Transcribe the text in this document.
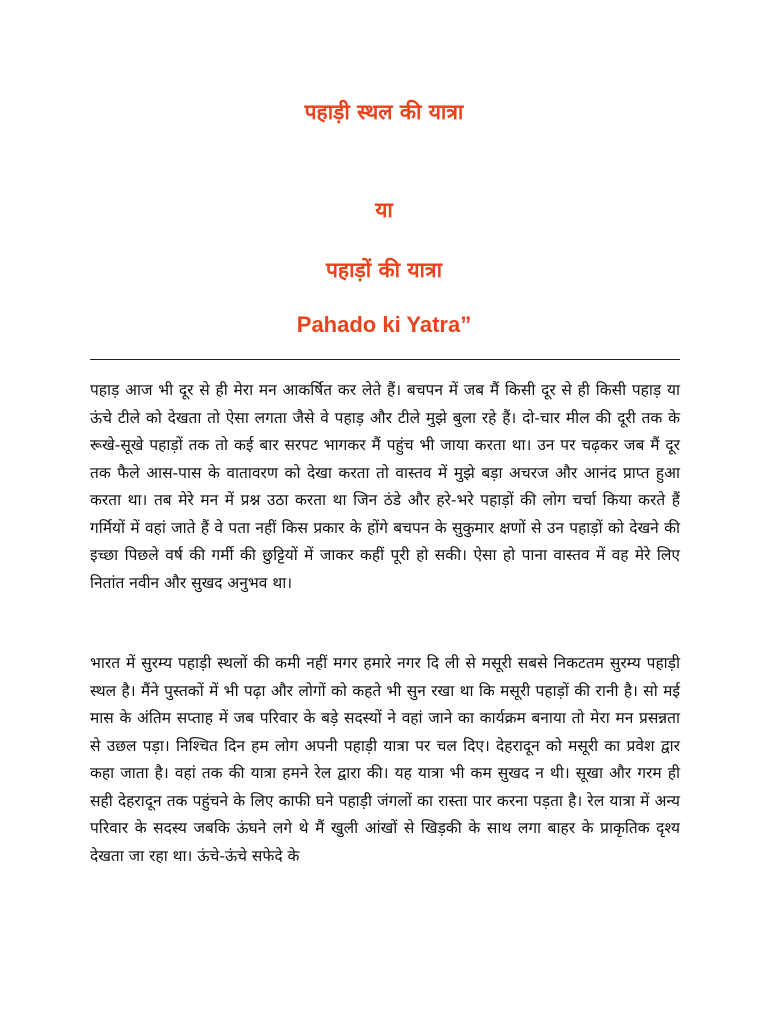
पहाड़ी स्थल की यात्रा
या
पहाड़ों की यात्रा
Pahado ki Yatra”

पहाड़ आज भी दूर से ही मेरा मन आकर्षित कर लेते हैं। बचपन में जब मैं किसी दूर से ही किसी पहाड़ या ऊंचे टीले को देखता तो ऐसा लगता जैसे वे पहाड़ और टीले मुझे बुला रहे हैं। दो-चार मील की दूरी तक के रूखे-सूखे पहाड़ों तक तो कई बार सरपट भागकर मैं पहुंच भी जाया करता था। उन पर चढ़कर जब मैं दूर तक फैले आस-पास के वातावरण को देखा करता तो वास्तव में मुझे बड़ा अचरज और आनंद प्राप्त हुआ करता था। तब मेरे मन में प्रश्न उठा करता था जिन ठंडे और हरे-भरे पहाड़ों की लोग चर्चा किया करते हैं गर्मियों में वहां जाते हैं वे पता नहीं किस प्रकार के होंगे बचपन के सुकुमार क्षणों से उन पहाड़ों को देखने की इच्छा पिछले वर्ष की गर्मी की छुट्टियों में जाकर कहीं पूरी हो सकी। ऐसा हो पाना वास्तव में वह मेरे लिए नितांत नवीन और सुखद अनुभव था।

भारत में सुरम्य पहाड़ी स्थलों की कमी नहीं मगर हमारे नगर दि ली से मसूरी सबसे निकटतम सुरम्य पहाड़ी स्थल है। मैंने पुस्तकों में भी पढ़ा और लोगों को कहते भी सुन रखा था कि मसूरी पहाड़ों की रानी है। सो मई मास के अंतिम सप्ताह में जब परिवार के बड़े सदस्यों ने वहां जाने का कार्यक्रम बनाया तो मेरा मन प्रसन्नता से उछल पड़ा। निश्चित दिन हम लोग अपनी पहाड़ी यात्रा पर चल दिए। देहरादून को मसूरी का प्रवेश द्वार कहा जाता है। वहां तक की यात्रा हमने रेल द्वारा की। यह यात्रा भी कम सुखद न थी। सूखा और गरम ही सही देहरादून तक पहुंचने के लिए काफी घने पहाड़ी जंगलों का रास्ता पार करना पड़ता है। रेल यात्रा में अन्य परिवार के सदस्य जबकि ऊंघने लगे थे मैं खुली आंखों से खिड़की के साथ लगा बाहर के प्राकृतिक दृश्य देखता जा रहा था। ऊंचे-ऊंचे सफेदे के
